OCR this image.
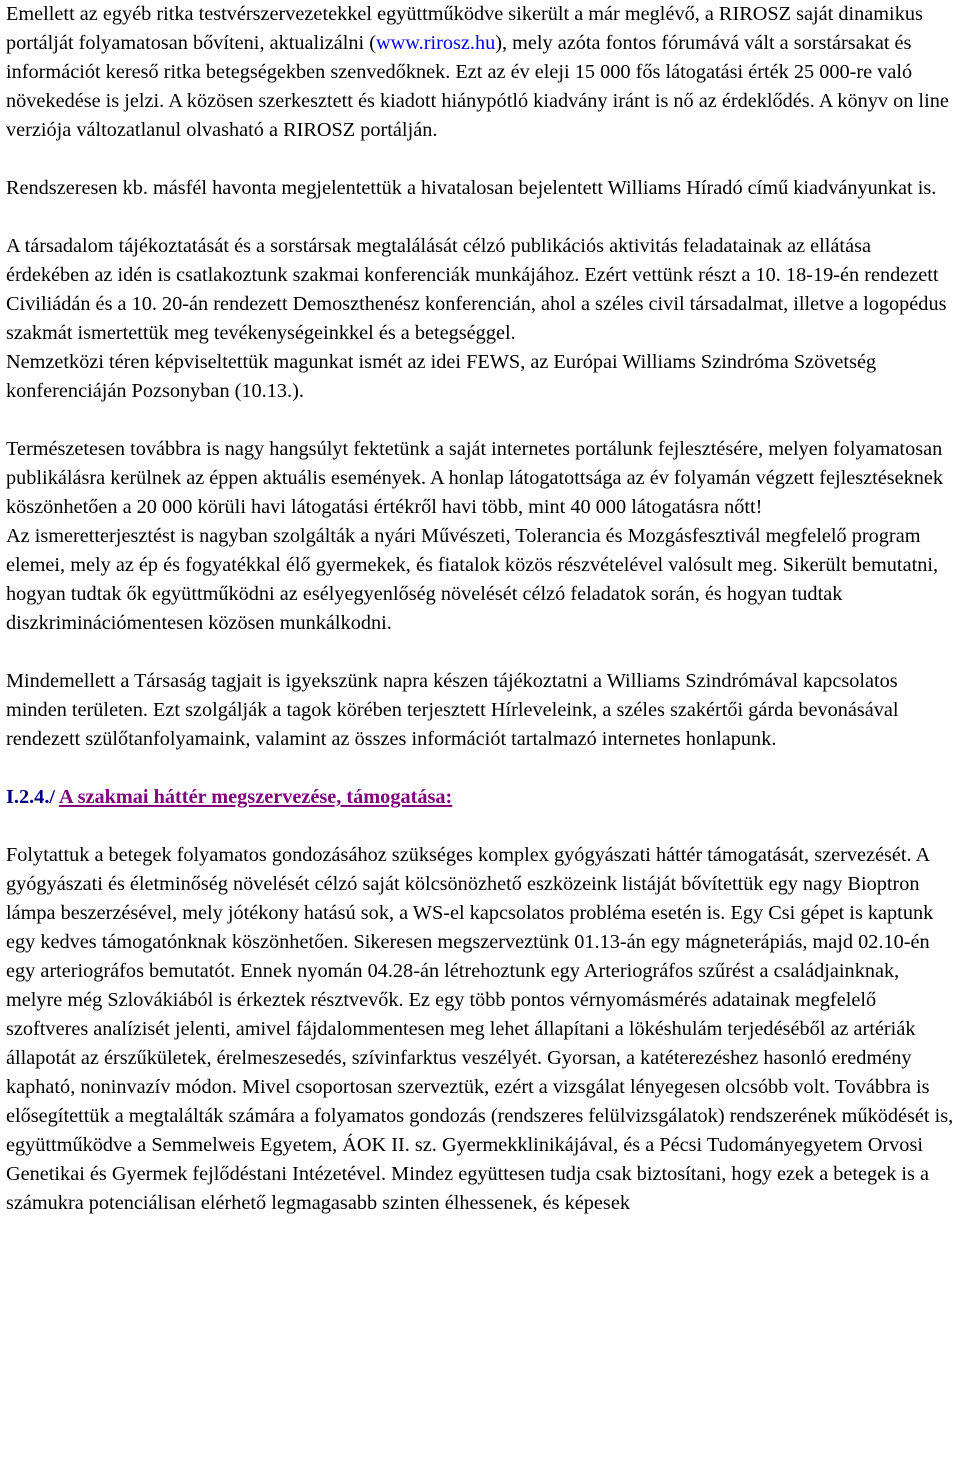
Emellett az egyéb ritka testvérszervezetekkel együttműködve sikerült a már meglévő, a RIROSZ saját dinamikus portálját folyamatosan bővíteni, aktualizálni (www.rirosz.hu), mely azóta fontos fórumává vált a sorstársakat és információt kereső ritka betegségekben szenvedőknek. Ezt az év eleji 15 000 fős látogatási érték 25 000-re való növekedése is jelzi. A közösen szerkesztett és kiadott hiánypótló kiadvány iránt is nő az érdeklődés. A könyv on line verziója változatlanul olvasható a RIROSZ portálján.

Rendszeresen kb. másfél havonta megjelentettük a hivatalosan bejelentett Williams Híradó című kiadványunkat is.

A társadalom tájékoztatását és a sorstársak megtalálását célzó publikációs aktivitás feladatainak az ellátása érdekében az idén is csatlakoztunk szakmai konferenciák munkájához. Ezért vettünk részt a 10. 18-19-én rendezett Civiliádán és a 10. 20-án rendezett Demoszthenész konferencián, ahol a széles civil társadalmat, illetve a logopédus szakmát ismertettük meg tevékenységeinkkel és a betegséggel.

Nemzetközi téren képviseltettük magunkat ismét az idei FEWS, az Európai Williams Szindróma Szövetség konferenciáján Pozsonyban (10.13.).

Természetesen továbbra is nagy hangsúlyt fektetünk a saját internetes portálunk fejlesztésére, melyen folyamatosan publikálásra kerülnek az éppen aktuális események. A honlap látogatottsága az év folyamán végzett fejlesztéseknek köszönhetően a 20 000 körüli havi látogatási értékről havi több, mint 40 000 látogatásra nőtt!

Az ismeretterjesztést is nagyban szolgálták a nyári Művészeti, Tolerancia és Mozgásfesztivál megfelelő program elemei, mely az ép és fogyatékkal élő gyermekek, és fiatalok közös részvételével valósult meg. Sikerült bemutatni, hogyan tudtak ők együttműködni az esélyegyenlőség növelését célzó feladatok során, és hogyan tudtak diszkriminációmentesen közösen munkálkodni.

Mindemellett a Társaság tagjait is igyekszünk napra készen tájékoztatni a Williams Szindrómával kapcsolatos minden területen. Ezt szolgálják a tagok körében terjesztett Hírleveleink, a széles szakértői gárda bevonásával rendezett szülőtanfolyamaink, valamint az összes információt tartalmazó internetes honlapunk.

I.2.4./ A szakmai háttér megszervezése, támogatása:

Folytattuk a betegek folyamatos gondozásához szükséges komplex gyógyászati háttér támogatását, szervezését. A gyógyászati és életminőség növelését célzó saját kölcsönözhető eszközeink listáját bővítettük egy nagy Bioptron lámpa beszerzésével, mely jótékony hatású sok, a WS-el kapcsolatos probléma esetén is. Egy Csi gépet is kaptunk egy kedves támogatónknak köszönhetően. Sikeresen megszerveztünk 01.13-án egy mágneterápiás, majd 02.10-én egy arteriográfos bemutatót. Ennek nyomán 04.28-án létrehoztunk egy Arteriográfos szűrést a családjainknak, melyre még Szlovákiából is érkeztek résztvevők. Ez egy több pontos vérnyomásmérés adatainak megfelelő szoftveres analízisét jelenti, amivel fájdalommentesen meg lehet állapítani a lökéshulám terjedéséből az artériák állapotát az érszűkületek, érelmeszesedés, szívinfarktus veszélyét. Gyorsan, a katéterezéshez hasonló eredmény kapható, noninvazív módon. Mivel csoportosan szerveztük, ezért a vizsgálat lényegesen olcsóbb volt. Továbbra is elősegítettük a megtalálták számára a folyamatos gondozás (rendszeres felülvizsgálatok) rendszerének működését is, együttműködve a Semmelweis Egyetem, ÁOK II. sz. Gyermekklinikájával, és a Pécsi Tudományegyetem Orvosi Genetikai és Gyermek fejlődéstani Intézetével. Mindez együttesen tudja csak biztosítani, hogy ezek a betegek is a számukra potenciálisan elérhető legmagasabb szinten élhessenek, és képesek
